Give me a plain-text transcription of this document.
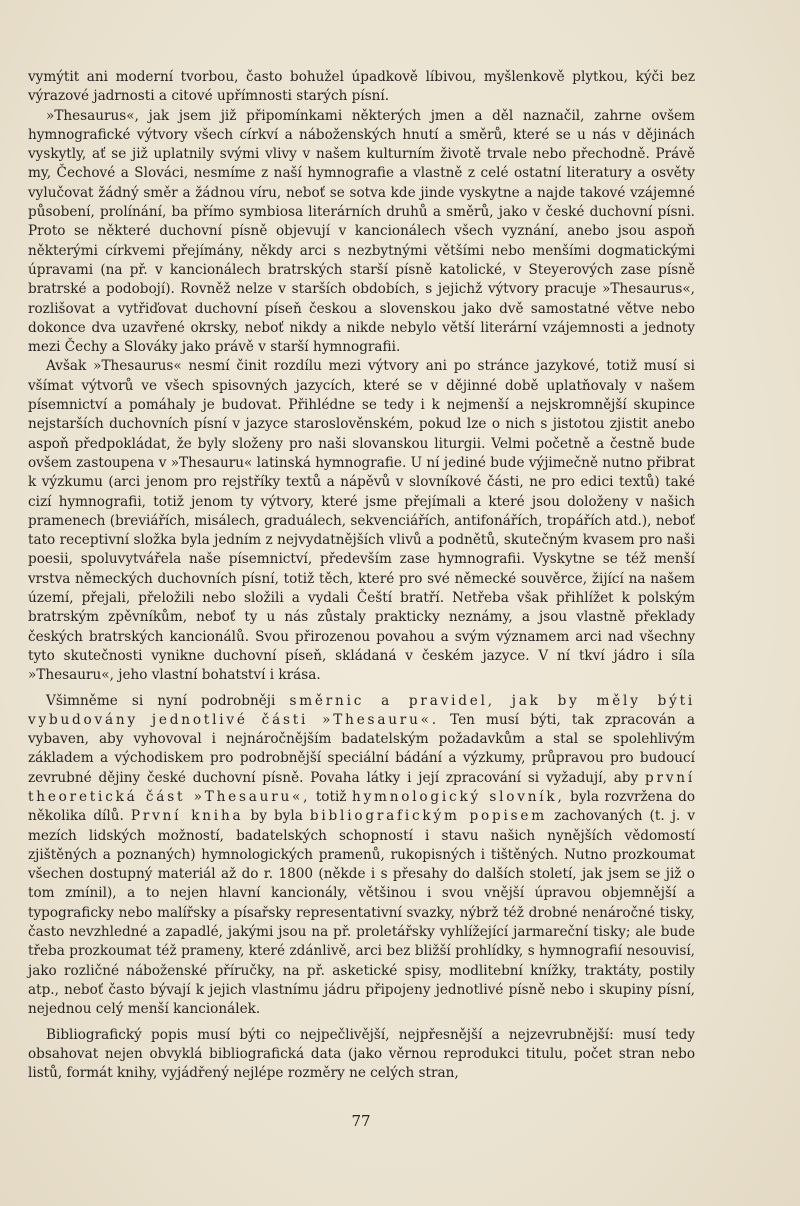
vymýtit ani moderní tvorbou, často bohužel úpadkově líbivou, myšlenkově plytkou, kýči bez výrazové jadrnosti a citové upřímnosti starých písní.

»Thesaurus«, jak jsem již připomínkami některých jmen a děl naznačil, zahrne ovšem hymnografické výtvory všech církví a náboženských hnutí a směrů, které se u nás v dějinách vyskytly, ať se již uplatnily svými vlivy v našem kulturním životě trvale nebo přechodně. Právě my, Čechové a Slováci, nesmíme z naší hymnografie a vlastně z celé ostatní literatury a osvěty vylučovat žádný směr a žádnou víru, neboť se sotva kde jinde vyskytne a najde takové vzájemné působení, prolínání, ba přímo symbiosa literárních druhů a směrů, jako v české duchovní písni. Proto se některé duchovní písně objevují v kancionálech všech vyznání, anebo jsou aspoň některými církvemi přejímány, někdy arci s nezbytnými většími nebo menšími dogmatickými úpravami (na př. v kancionálech bratrských starší písně katolické, v Steyerových zase písně bratrské a podobojí). Rovněž nelze v starších obdobích, s jejichž výtvory pracuje »Thesaurus«, rozlišovat a vytřiďovat duchovní píseň českou a slovenskou jako dvě samostatné větve nebo dokonce dva uzavřené okrsky, neboť nikdy a nikde nebylo větší literární vzájemnosti a jednoty mezi Čechy a Slováky jako právě v starší hymnografii.

Avšak »Thesaurus« nesmí činit rozdílu mezi výtvory ani po stránce jazykové, totiž musí si všímat výtvorů ve všech spisovných jazycích, které se v dějinné době uplatňovaly v našem písemnictví a pomáhaly je budovat. Přihlédne se tedy i k nejmenší a nejskromnější skupince nejstarších duchovních písní v jazyce staroslověnském, pokud lze o nich s jistotou zjistit anebo aspoň předpokládat, že byly složeny pro naši slovanskou liturgii. Velmi početně a čestně bude ovšem zastoupena v »Thesauru« latinská hymnografie. U ní jediné bude výjimečně nutno přibrat k výzkumu (arci jenom pro rejstříky textů a nápěvů v slovníkové části, ne pro edici textů) také cizí hymnografii, totiž jenom ty výtvory, které jsme přejímali a které jsou doloženy v našich pramenech (breviářích, misálech, graduálech, sekvenciářích, antifonářích, tropářích atd.), neboť tato receptivní složka byla jedním z nejvydatnějších vlivů a podnětů, skutečným kvasem pro naši poesii, spoluvytvářela naše písemnictví, především zase hymnografii. Vyskytne se též menší vrstva německých duchovních písní, totiž těch, které pro své německé souvěrce, žijící na našem území, přejali, přeložili nebo složili a vydali Čeští bratří. Netřeba však přihlížet k polským bratrským zpěvníkům, neboť ty u nás zůstaly prakticky neznámy, a jsou vlastně překlady českých bratrských kancionálů. Svou přirozenou povahou a svým významem arci nad všechny tyto skutečnosti vynikne duchovní píseň, skládaná v českém jazyce. V ní tkví jádro i síla »Thesauru«, jeho vlastní bohatství i krása.

Všimněme si nyní podrobněji směrnic a pravidel, jak by měly býti vybudovány jednotlivé části »Thesauru«. Ten musí býti, tak zpracován a vybaven, aby vyhovoval i nejnáročnějším badatelským požadavkům a stal se spolehlivým základem a východiskem pro podrobnější speciální bádání a výzkumy, průpravou pro budoucí zevrubné dějiny české duchovní písně. Povaha látky i její zpracování si vyžadují, aby první theoretická část »Thesauru«, totiž hymnologický slovník, byla rozvržena do několika dílů. První kniha by byla bibliografickým popisem zachovaných (t. j. v mezích lidských možností, badatelských schopností i stavu našich nynějších vědomostí zjištěných a poznaných) hymnologických pramenů, rukopisných i tištěných. Nutno prozkoumat všechen dostupný materiál až do r. 1800 (někde i s přesahy do dalších století, jak jsem se již o tom zmínil), a to nejen hlavní kancionály, většinou i svou vnější úpravou objemnější a typograficky nebo malířsky a písařsky representativní svazky, nýbrž též drobné nenáročné tisky, často nevzhledné a zapadlé, jakými jsou na př. proletářsky vyhlížející jarmareční tisky; ale bude třeba prozkoumat též prameny, které zdánlivě, arci bez bližší prohlídky, s hymnografií nesouvisí, jako rozličné náboženské příručky, na př. asketické spisy, modlitební knížky, traktáty, postily atp., neboť často bývají k jejich vlastnímu jádru připojeny jednotlivé písně nebo i skupiny písní, nejednou celý menší kancionálek.

Bibliografický popis musí býti co nejpečlivější, nejpřesnější a nejzevrubnější: musí tedy obsahovat nejen obvyklá bibliografická data (jako věrnou reprodukci titulu, počet stran nebo listů, formát knihy, vyjádřený nejlépe rozměry ne celých stran,

77
